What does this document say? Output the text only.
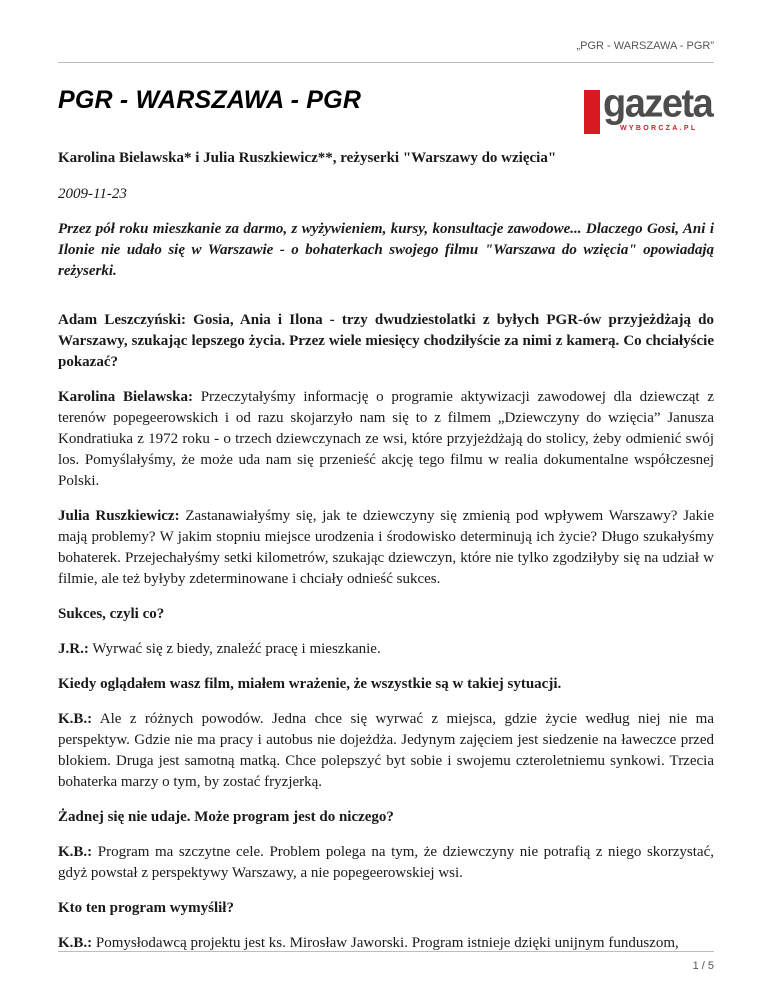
„PGR - WARSZAWA - PGR”
PGR - WARSZAWA - PGR	gazeta
WYBORCZA.PL

Karolina Bielawska* i Julia Ruszkiewicz**, reżyserki "Warszawy do wzięcia"

2009-11-23

Przez pół roku mieszkanie za darmo, z wyżywieniem, kursy, konsultacje zawodowe... Dlaczego Gosi, Ani i Ilonie nie udało się w Warszawie - o bohaterkach swojego filmu "Warszawa do wzięcia" opowiadają reżyserki.

Adam Leszczyński: Gosia, Ania i Ilona - trzy dwudziestolatki z byłych PGR-ów przyjeżdżają do Warszawy, szukając lepszego życia. Przez wiele miesięcy chodziłyście za nimi z kamerą. Co chciałyście pokazać?

Karolina Bielawska: Przeczytałyśmy informację o programie aktywizacji zawodowej dla dziewcząt z terenów popegeerowskich i od razu skojarzyło nam się to z filmem „Dziewczyny do wzięcia” Janusza Kondratiuka z 1972 roku - o trzech dziewczynach ze wsi, które przyjeżdżają do stolicy, żeby odmienić swój los. Pomyślałyśmy, że może uda nam się przenieść akcję tego filmu w realia dokumentalne współczesnej Polski.

Julia Ruszkiewicz: Zastanawiałyśmy się, jak te dziewczyny się zmienią pod wpływem Warszawy? Jakie mają problemy? W jakim stopniu miejsce urodzenia i środowisko determinują ich życie? Długo szukałyśmy bohaterek. Przejechałyśmy setki kilometrów, szukając dziewczyn, które nie tylko zgodziłyby się na udział w filmie, ale też byłyby zdeterminowane i chciały odnieść sukces.

Sukces, czyli co?

J.R.: Wyrwać się z biedy, znaleźć pracę i mieszkanie.

Kiedy oglądałem wasz film, miałem wrażenie, że wszystkie są w takiej sytuacji.

K.B.: Ale z różnych powodów. Jedna chce się wyrwać z miejsca, gdzie życie według niej nie ma perspektyw. Gdzie nie ma pracy i autobus nie dojeżdża. Jedynym zajęciem jest siedzenie na ławeczce przed blokiem. Druga jest samotną matką. Chce polepszyć byt sobie i swojemu czteroletniemu synkowi. Trzecia bohaterka marzy o tym, by zostać fryzjerką.

Żadnej się nie udaje. Może program jest do niczego?

K.B.: Program ma szczytne cele. Problem polega na tym, że dziewczyny nie potrafią z niego skorzystać, gdyż powstał z perspektywy Warszawy, a nie popegeerowskiej wsi.

Kto ten program wymyślił?

K.B.: Pomysłodawcą projektu jest ks. Mirosław Jaworski. Program istnieje dzięki unijnym funduszom,

1 / 5
